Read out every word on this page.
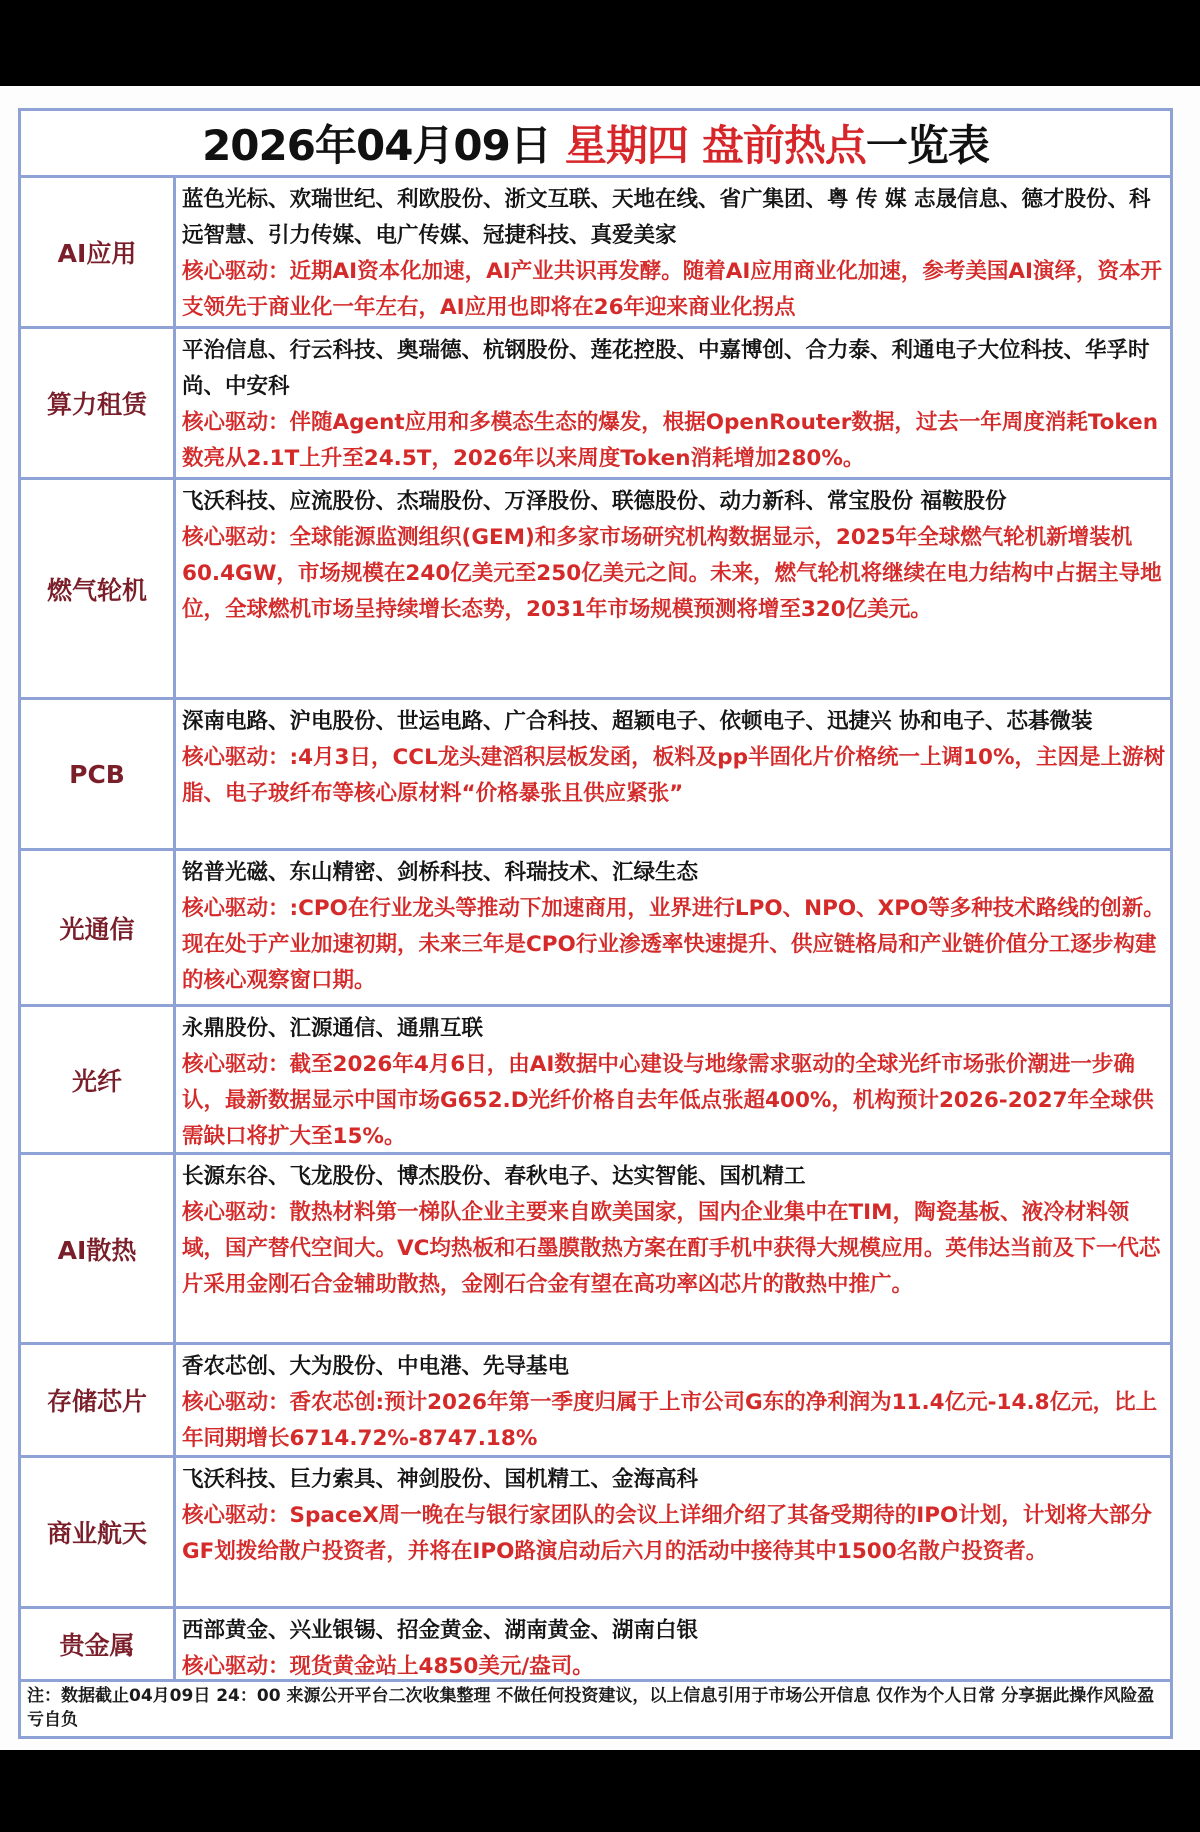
2026年04月09日 星期四 盘前热点 一览表
AI应用
蓝色光标、欢瑞世纪、利欧股份、浙文互联、天地在线、省广集团、粤 传 媒 志晟信息、德才股份、科远智慧、引力传媒、电广传媒、冠捷科技、真爱美家
核心驱动：近期AI资本化加速，AI产业共识再发酵。随着AI应用商业化加速，参考美国AI演绎，资本开支领先于商业化一年左右，AI应用也即将在26年迎来商业化拐点
算力租赁
平治信息、行云科技、奥瑞德、杭钢股份、莲花控股、中嘉博创、合力泰、利通电子大位科技、华孚时尚、中安科
核心驱动：伴随Agent应用和多模态生态的爆发，根据OpenRouter数据，过去一年周度消耗Token数亮从2.1T上升至24.5T，2026年以来周度Token消耗增加280%。
燃气轮机
飞沃科技、应流股份、杰瑞股份、万泽股份、联德股份、动力新科、常宝股份 福鞍股份
核心驱动：全球能源监测组织(GEM)和多家市场研究机构数据显示，2025年全球燃气轮机新增装机60.4GW，市场规模在240亿美元至250亿美元之间。未来，燃气轮机将继续在电力结构中占据主导地位，全球燃机市场呈持续增长态势，2031年市场规模预测将增至320亿美元。
PCB
深南电路、沪电股份、世运电路、广合科技、超颖电子、依顿电子、迅捷兴 协和电子、芯碁微装
核心驱动：:4月3日，CCL龙头建滔积层板发函，板料及pp半固化片价格统一上调10%，主因是上游树脂、电子玻纤布等核心原材料“价格暴张且供应紧张”
光通信
铭普光磁、东山精密、剑桥科技、科瑞技术、汇绿生态
核心驱动：:CPO在行业龙头等推动下加速商用，业界进行LPO、NPO、XPO等多种技术路线的创新。现在处于产业加速初期，未来三年是CPO行业渗透率快速提升、供应链格局和产业链价值分工逐步构建的核心观察窗口期。
光纤
永鼎股份、汇源通信、通鼎互联
核心驱动：截至2026年4月6日，由AI数据中心建设与地缘需求驱动的全球光纤市场张价潮进一步确认，最新数据显示中国市场G652.D光纤价格自去年低点张超400%，机构预计2026-2027年全球供需缺口将扩大至15%。
AI散热
长源东谷、飞龙股份、博杰股份、春秋电子、达实智能、国机精工
核心驱动：散热材料第一梯队企业主要来自欧美国家，国内企业集中在TIM，陶瓷基板、液冷材料领域，国产替代空间大。VC均热板和石墨膜散热方案在酊手机中获得大规模应用。英伟达当前及下一代芯片采用金刚石合金辅助散热，金刚石合金有望在高功率凶芯片的散热中推广。
存储芯片
香农芯创、大为股份、中电港、先导基电
核心驱动：香农芯创:预计2026年第一季度归属于上市公司G东的净利润为11.4亿元-14.8亿元，比上年同期增长6714.72%-8747.18%
商业航天
飞沃科技、巨力索具、神剑股份、国机精工、金海高科
核心驱动：SpaceX周一晚在与银行家团队的会议上详细介绍了其备受期待的IPO计划，计划将大部分GF划拨给散户投资者，并将在IPO路演启动后六月的活动中接待其中1500名散户投资者。
贵金属
西部黄金、兴业银锡、招金黄金、湖南黄金、湖南白银
核心驱动：现货黄金站上4850美元/盎司。
注：数据截止04月09日 24：00 来源公开平台二次收集整理 不做任何投资建议，以上信息引用于市场公开信息 仅作为个人日常 分享据此操作风险盈亏自负
